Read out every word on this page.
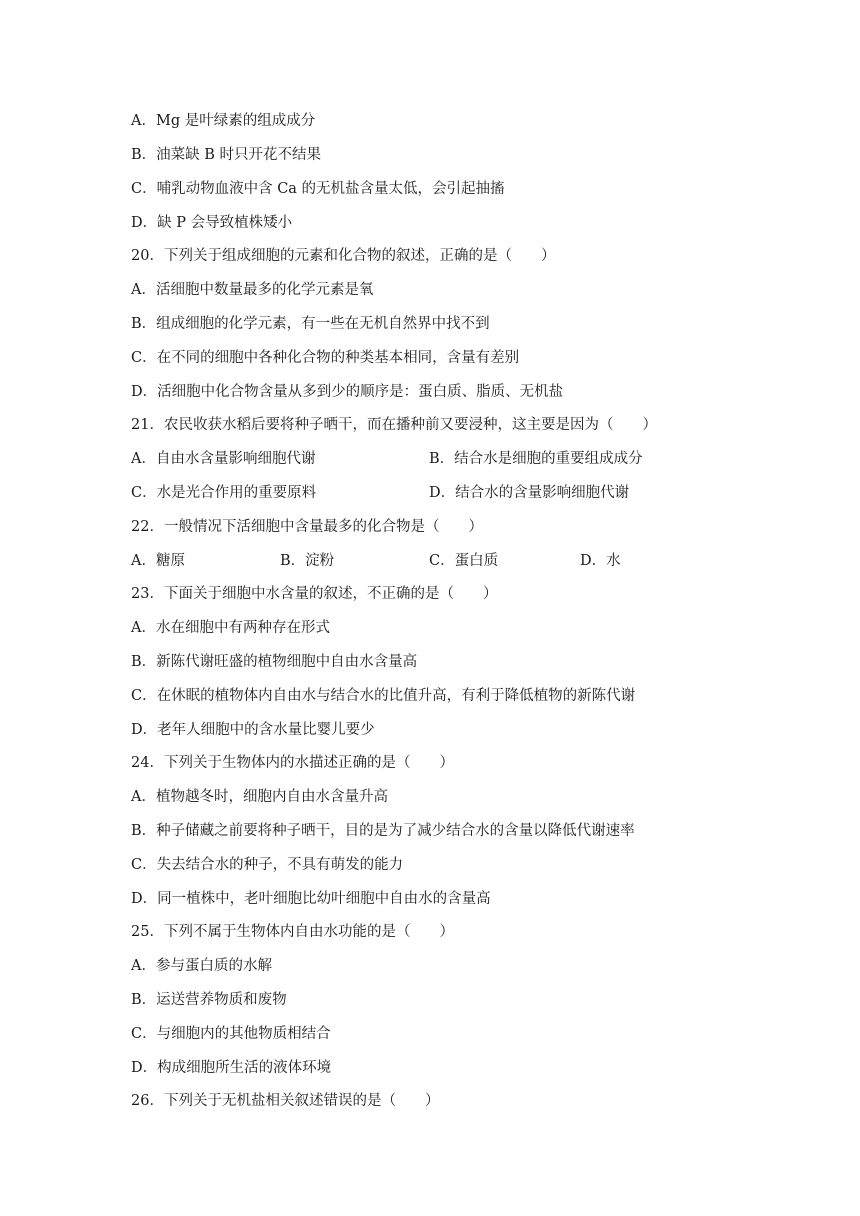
A．Mg 是叶绿素的组成成分
B．油菜缺 B 时只开花不结果
C．哺乳动物血液中含 Ca 的无机盐含量太低，会引起抽搐
D．缺 P 会导致植株矮小
20．下列关于组成细胞的元素和化合物的叙述，正确的是（　　）
A．活细胞中数量最多的化学元素是氧
B．组成细胞的化学元素，有一些在无机自然界中找不到
C．在不同的细胞中各种化合物的种类基本相同，含量有差别
D．活细胞中化合物含量从多到少的顺序是：蛋白质、脂质、无机盐
21．农民收获水稻后要将种子晒干，而在播种前又要浸种，这主要是因为（　　）
A．自由水含量影响细胞代谢	B．结合水是细胞的重要组成成分
C．水是光合作用的重要原料	D．结合水的含量影响细胞代谢
22．一般情况下活细胞中含量最多的化合物是（　　）
A．糖原	B．淀粉	C．蛋白质	D．水
23．下面关于细胞中水含量的叙述，不正确的是（　　）
A．水在细胞中有两种存在形式
B．新陈代谢旺盛的植物细胞中自由水含量高
C．在休眠的植物体内自由水与结合水的比值升高，有利于降低植物的新陈代谢
D．老年人细胞中的含水量比婴儿要少
24．下列关于生物体内的水描述正确的是（　　）
A．植物越冬时，细胞内自由水含量升高
B．种子储藏之前要将种子晒干，目的是为了减少结合水的含量以降低代谢速率
C．失去结合水的种子，不具有萌发的能力
D．同一植株中，老叶细胞比幼叶细胞中自由水的含量高
25．下列不属于生物体内自由水功能的是（　　）
A．参与蛋白质的水解
B．运送营养物质和废物
C．与细胞内的其他物质相结合
D．构成细胞所生活的液体环境
26．下列关于无机盐相关叙述错误的是（　　）
